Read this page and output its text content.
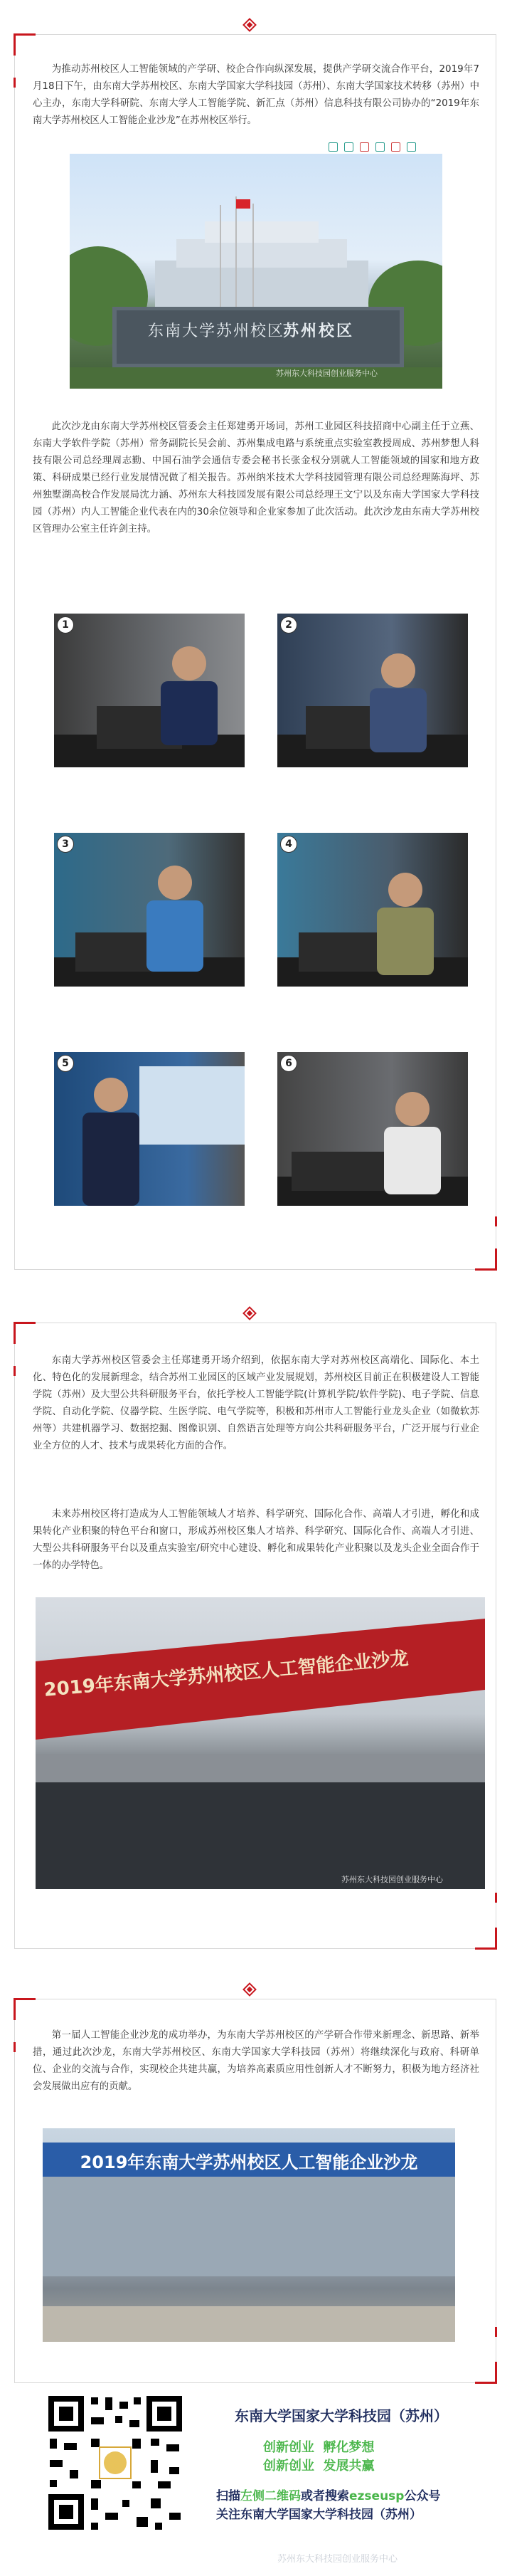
为推动苏州校区人工智能领域的产学研、校企合作向纵深发展，提供产学研交流合作平台，2019年7月18日下午，由东南大学苏州校区、东南大学国家大学科技园（苏州）、东南大学国家技术转移（苏州）中心主办，东南大学科研院、东南大学人工智能学院、新汇点（苏州）信息科技有限公司协办的“2019年东南大学苏州校区人工智能企业沙龙”在苏州校区举行。

东南大学苏州校区
苏州校区
苏州东大科技园创业服务中心

此次沙龙由东南大学苏州校区管委会主任郑建勇开场词，苏州工业园区科技招商中心副主任于立燕、东南大学软件学院（苏州）常务副院长吴会前、苏州集成电路与系统重点实验室教授周成、苏州梦想人科技有限公司总经理周志勤、中国石油学会通信专委会秘书长张金权分别就人工智能领域的国家和地方政策、科研成果已经行业发展情况做了相关报告。苏州纳米技术大学科技园管理有限公司总经理陈海坪、苏州独墅湖高校合作发展局沈力涵、苏州东大科技园发展有限公司总经理王文宁以及东南大学国家大学科技园（苏州）内人工智能企业代表在内的30余位领导和企业家参加了此次活动。此次沙龙由东南大学苏州校区管理办公室主任许剑主持。

1	2
3	4
5	6

东南大学苏州校区管委会主任郑建勇开场介绍到，依据东南大学对苏州校区高端化、国际化、本土化、特色化的发展新理念，结合苏州工业园区的区域产业发展规划，苏州校区目前正在积极建设人工智能学院（苏州）及大型公共科研服务平台，依托学校人工智能学院(计算机学院/软件学院)、电子学院、信息学院、自动化学院、仪器学院、生医学院、电气学院等，积极和苏州市人工智能行业龙头企业（如微软苏州等）共建机器学习、数据挖掘、图像识别、自然语言处理等方向公共科研服务平台，广泛开展与行业企业全方位的人才、技术与成果转化方面的合作。

未来苏州校区将打造成为人工智能领域人才培养、科学研究、国际化合作、高端人才引进，孵化和成果转化产业积聚的特色平台和窗口，形成苏州校区集人才培养、科学研究、国际化合作、高端人才引进、大型公共科研服务平台以及重点实验室/研究中心建设、孵化和成果转化产业积聚以及龙头企业全面合作于一体的办学特色。

2019年东南大学苏州校区人工智能企业沙龙
苏州东大科技园创业服务中心

第一届人工智能企业沙龙的成功举办，为东南大学苏州校区的产学研合作带来新理念、新思路、新举措，通过此次沙龙，东南大学苏州校区、东南大学国家大学科技园（苏州）将继续深化与政府、科研单位、企业的交流与合作，实现校企共建共赢，为培养高素质应用性创新人才不断努力，积极为地方经济社会发展做出应有的贡献。

2019年东南大学苏州校区人工智能企业沙龙
东南大学国家大学科技园（苏州）
创新创业  孵化梦想
创新创业  发展共赢
扫描左侧二维码或者搜索ezseusp公众号
关注东南大学国家大学科技园（苏州）
苏州东大科技园创业服务中心
